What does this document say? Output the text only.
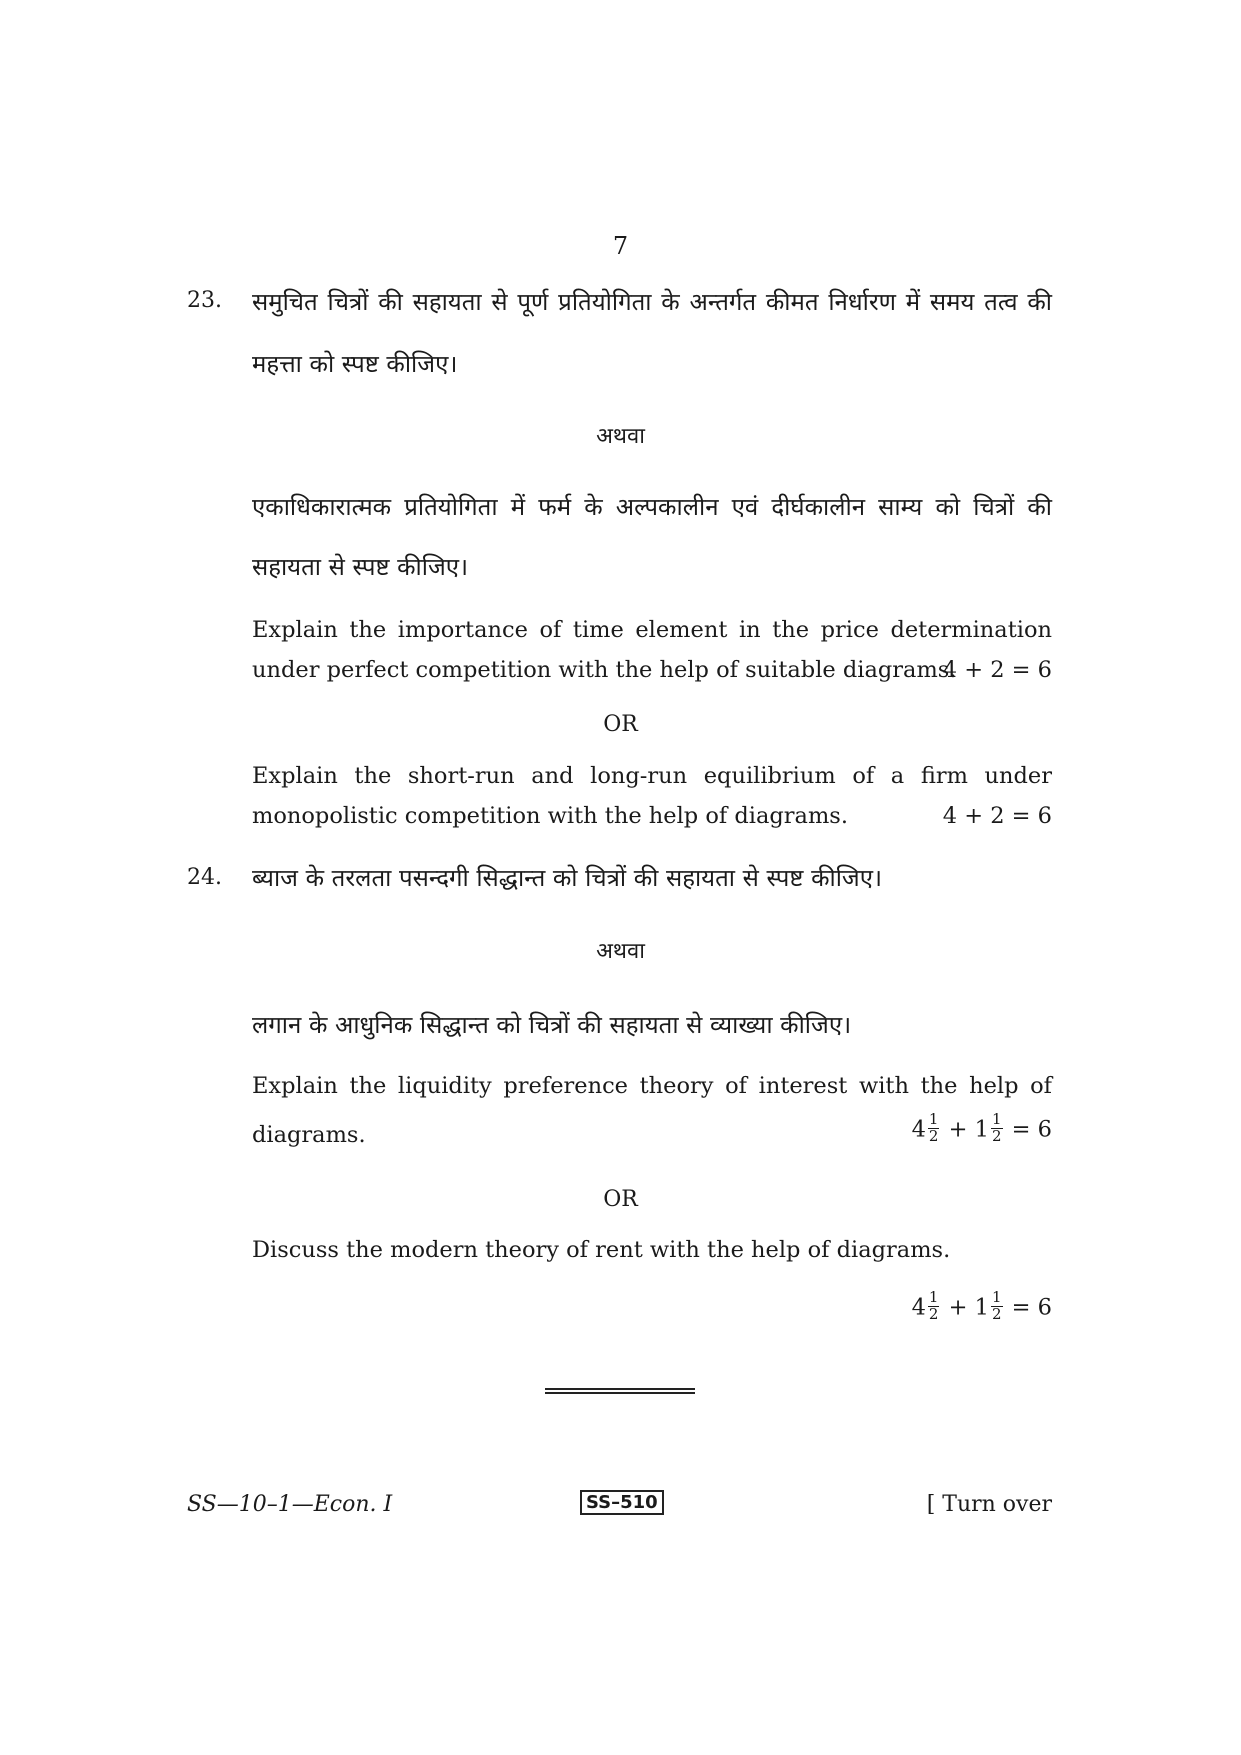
7
23. समुचित चित्रों की सहायता से पूर्ण प्रतियोगिता के अन्तर्गत कीमत निर्धारण में समय तत्व की
महत्ता को स्पष्ट कीजिए।
अथवा
एकाधिकारात्मक प्रतियोगिता में फर्म के अल्पकालीन एवं दीर्घकालीन साम्य को चित्रों की
सहायता से स्पष्ट कीजिए।
Explain the importance of time element in the price determination
under perfect competition with the help of suitable diagrams.
4 + 2 = 6
OR
Explain the short-run and long-run equilibrium of a firm under
monopolistic competition with the help of diagrams.	4 + 2 = 6
24. ब्याज के तरलता पसन्दगी सिद्धान्त को चित्रों की सहायता से स्पष्ट कीजिए।
अथवा
लगान के आधुनिक सिद्धान्त को चित्रों की सहायता से व्याख्या कीजिए।
Explain the liquidity preference theory of interest with the help of
diagrams.	$4 \frac{1}{2} + 1 \frac{1}{2} = 6$
OR
Discuss the modern theory of rent with the help of diagrams.
$4 \frac{1}{2} + 1 \frac{1}{2} = 6$
SS—10–1—Econ. I	SS–510	[ Turn over
